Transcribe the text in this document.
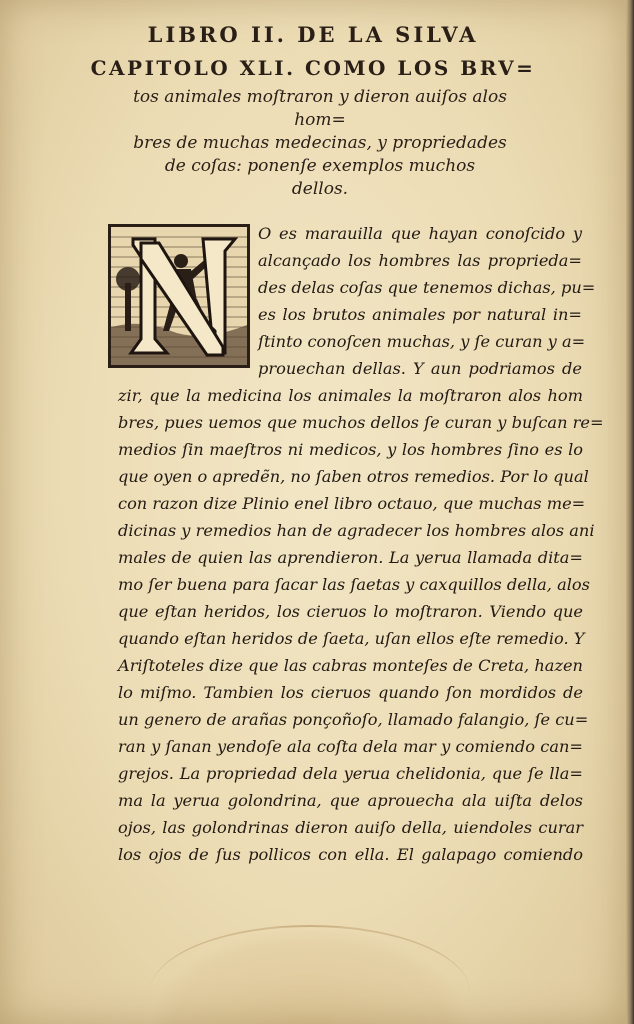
LIBRO II. DE LA SILVA
CAPITOLO XLI. COMO LOS BRV=
tos animales moſtraron y dieron auiſos alos hom=
bres de muchas medecinas, y propriedades
de coſas: ponenſe exemplos muchos
dellos.
O es marauilla que hayan conoſcido y
alcançado los hombres las proprieda=
des delas coſas que tenemos dichas, pu=
es los brutos animales por natural in=
ſtinto conoſcen muchas, y ſe curan y a=
prouechan dellas. Y aun podriamos de
zir, que la medicina los animales la moſtraron alos hom
bres, pues uemos que muchos dellos ſe curan y buſcan re=
medios ſin maeſtros ni medicos, y los hombres ſino es lo
que oyen o apredẽn, no ſaben otros remedios. Por lo qual
con razon dize Plinio enel libro octauo, que muchas me=
dicinas y remedios han de agradecer los hombres alos ani
males de quien las aprendieron. La yerua llamada dita=
mo ſer buena para ſacar las ſaetas y caxquillos della, alos
que eſtan heridos, los cieruos lo moſtraron. Viendo que
quando eſtan heridos de ſaeta, uſan ellos eſte remedio. Y
Ariſtoteles dize que las cabras monteſes de Creta, hazen
lo miſmo. Tambien los cieruos quando ſon mordidos de
un genero de arañas ponçoñoſo, llamado falangio, ſe cu=
ran y ſanan yendoſe ala coſta dela mar y comiendo can=
grejos. La propriedad dela yerua chelidonia, que ſe lla=
ma la yerua golondrina, que aprouecha ala uiſta delos
ojos, las golondrinas dieron auiſo della, uiendoles curar
los ojos de ſus pollicos con ella. El galapago comiendo
